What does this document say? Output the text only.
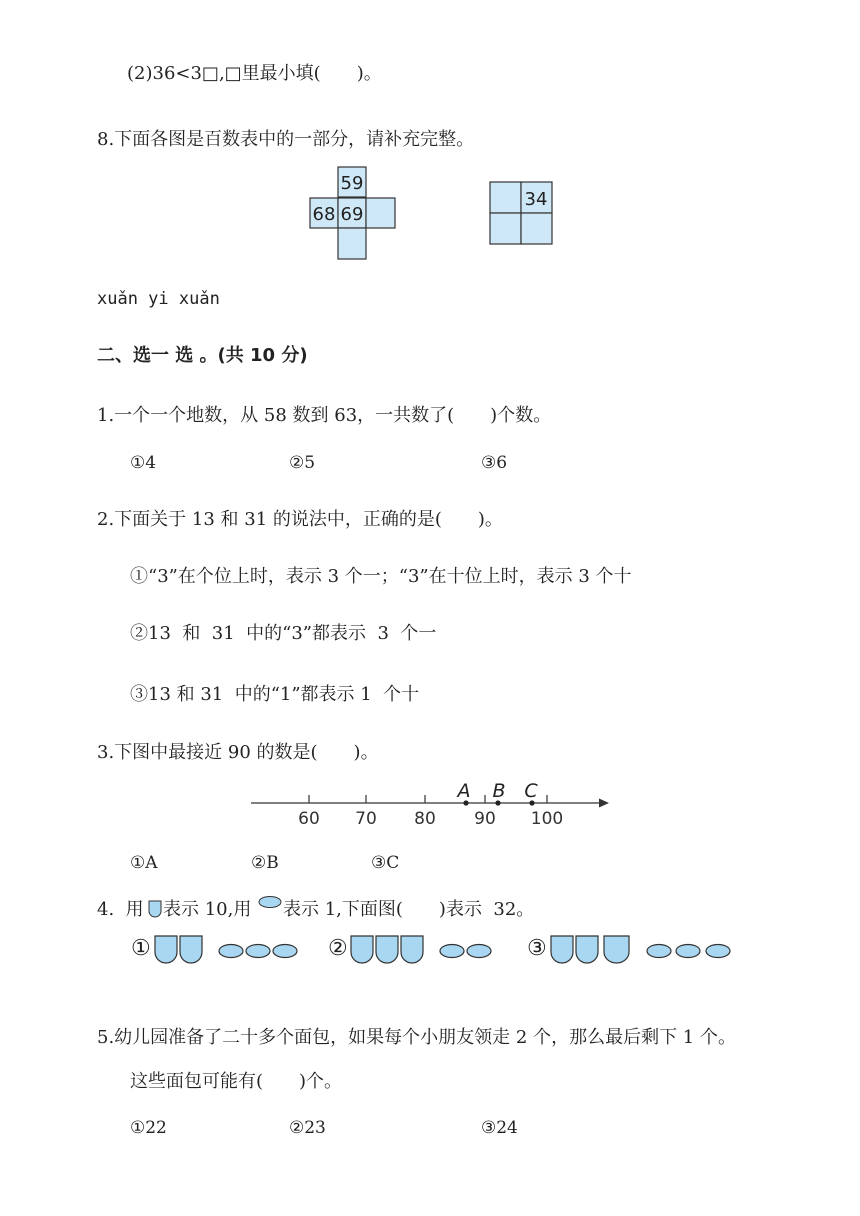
(2)36<3□,□里最小填(　　)。
8.下面各图是百数表中的一部分，请补充完整。
59
68 69
34
xuǎn yi xuǎn
二、选一 选 。(共 10 分)
1.一个一个地数，从 58 数到 63，一共数了(　　)个数。
①4	②5	③6
2.下面关于 13 和 31 的说法中，正确的是(　　)。
①“3”在个位上时，表示 3 个一；“3”在十位上时，表示 3 个十
②13  和  31  中的“3”都表示  3  个一
③13 和 31  中的“1”都表示 1  个十
3.下图中最接近 90 的数是(　　)。
60 70 80 90 100
A B C
①A	②B	③C
4.  用 表示 10,用 表示 1,下面图(　　)表示  32。
①	②	③
5.幼儿园准备了二十多个面包，如果每个小朋友领走 2 个，那么最后剩下 1 个。
这些面包可能有(　　)个。
①22	②23	③24
